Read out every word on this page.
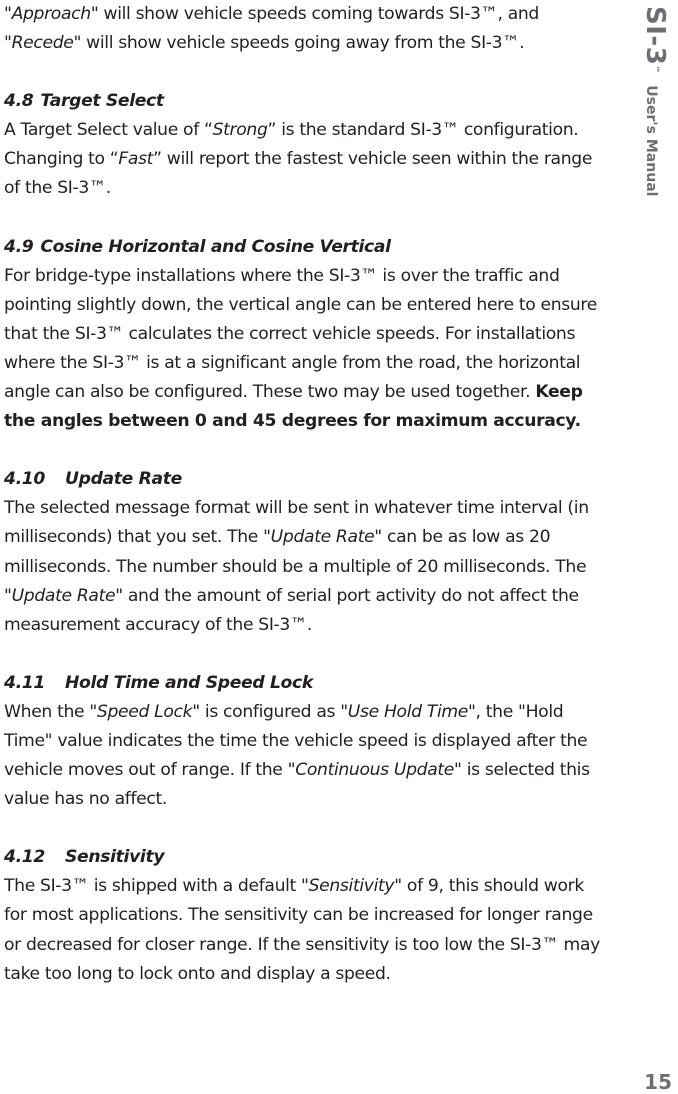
"Approach" will show vehicle speeds coming towards SI-3™, and

"Recede" will show vehicle speeds going away from the SI-3™.

4.8 Target Select

A Target Select value of “Strong” is the standard SI-3™ configuration. Changing to “Fast” will report the fastest vehicle seen within the range of the SI-3™.

4.9 Cosine Horizontal and Cosine Vertical

For bridge-type installations where the SI-3™ is over the traffic and pointing slightly down, the vertical angle can be entered here to ensure that the SI-3™ calculates the correct vehicle speeds. For installations where the SI-3™ is at a significant angle from the road, the horizontal angle can also be configured. These two may be used together. Keep the angles between 0 and 45 degrees for maximum accuracy.

4.10 Update Rate

The selected message format will be sent in whatever time interval (in milliseconds) that you set. The "Update Rate" can be as low as 20 milliseconds. The number should be a multiple of 20 milliseconds. The "Update Rate" and the amount of serial port activity do not affect the measurement accuracy of the SI-3™.

4.11 Hold Time and Speed Lock

When the "Speed Lock" is configured as "Use Hold Time", the "Hold Time" value indicates the time the vehicle speed is displayed after the vehicle moves out of range. If the "Continuous Update" is selected this value has no affect.

4.12 Sensitivity

The SI-3™ is shipped with a default "Sensitivity" of 9, this should work for most applications. The sensitivity can be increased for longer range or decreased for closer range. If the sensitivity is too low the SI-3™ may take too long to lock onto and display a speed.

SI-3™User's Manual
15
